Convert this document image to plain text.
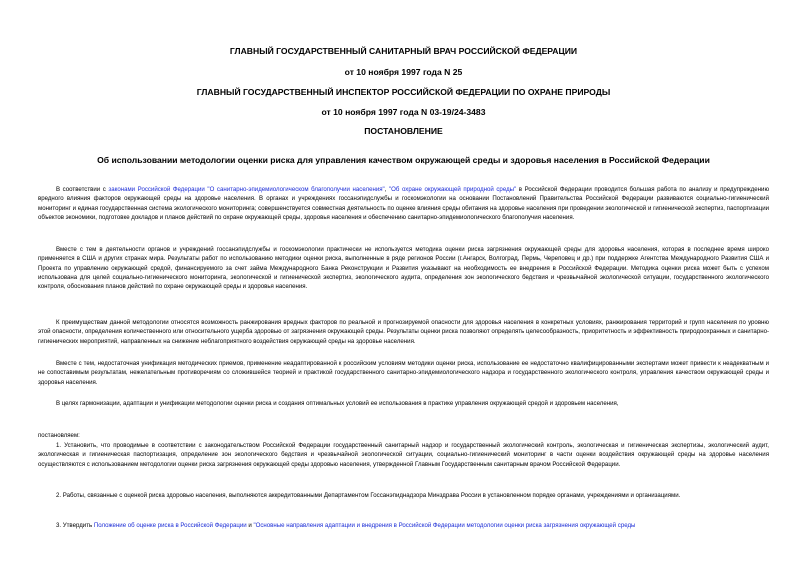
ГЛАВНЫЙ ГОСУДАРСТВЕННЫЙ САНИТАРНЫЙ ВРАЧ РОССИЙСКОЙ ФЕДЕРАЦИИ
от 10 ноября 1997 года N 25
ГЛАВНЫЙ ГОСУДАРСТВЕННЫЙ ИНСПЕКТОР РОССИЙСКОЙ ФЕДЕРАЦИИ ПО ОХРАНЕ ПРИРОДЫ
от 10 ноября 1997 года N 03-19/24-3483
ПОСТАНОВЛЕНИЕ
Об использовании методологии оценки риска для управления качеством окружающей среды и здоровья населения в Российской Федерации
В соответствии с законами Российской Федерации "О санитарно-эпидемиологическом благополучии населения", "Об охране окружающей природной среды" в Российской Федерации проводится большая работа по анализу и предупреждению вредного влияния факторов окружающей среды на здоровье населения. В органах и учреждениях госсанэпидслужбы и госкомэкологии на основании Постановлений Правительства Российской Федерации развиваются социально-гигиенический мониторинг и единая государственная система экологического мониторинга; совершенствуется совместная деятельность по оценке влияния среды обитания на здоровье населения при проведении экологической и гигиенической экспертиз, паспортизации объектов экономики, подготовке докладов и планов действий по охране окружающей среды, здоровья населения и обеспечению санитарно-эпидемиологического благополучия населения.
Вместе с тем в деятельности органов и учреждений госсанэпидслужбы и госкомэкологии практически не используется методика оценки риска загрязнения окружающей среды для здоровья населения, которая в последнее время широко применяется в США и других странах мира. Результаты работ по использованию методики оценки риска, выполненные в ряде регионов России (г.Ангарск, Волгоград, Пермь, Череповец и др.) при поддержке Агентства Международного Развития США и Проекта по управлению окружающей средой, финансируемого за счет займа Международного Банка Реконструкции и Развития указывают на необходимость ее внедрения в Российской Федерации. Методика оценки риска может быть с успехом использована для целей социально-гигиенического мониторинга, экологической и гигиенической экспертиз, экологического аудита, определения зон экологического бедствия и чрезвычайной экологической ситуации, государственного экологического контроля, обоснования планов действий по охране окружающей среды и здоровья населения.
К преимуществам данной методологии относятся возможность ранжирования вредных факторов по реальной и прогнозируемой опасности для здоровья населения в конкретных условиях, ранжирования территорий и групп населения по уровню этой опасности, определения количественного или относительного ущерба здоровью от загрязнения окружающей среды. Результаты оценки риска позволяют определять целесообразность, приоритетность и эффективность природоохранных и санитарно-гигиенических мероприятий, направленных на снижение неблагоприятного воздействия окружающей среды на здоровье населения.
Вместе с тем, недостаточная унификация методических приемов, применение неадаптированной к российским условиям методики оценки риска, использование ее недостаточно квалифицированными экспертами может привести к неадекватным и не сопоставимым результатам, нежелательным противоречиям со сложившейся теорией и практикой государственного санитарно-эпидемиологического надзора и государственного экологического контроля, управления качеством окружающей среды и здоровья населения.
В целях гармонизации, адаптации и унификации методологии оценки риска и создания оптимальных условий ее использования в практике управления окружающей средой и здоровьем населения,
постановляем:
1. Установить, что проводимые в соответствии с законодательством Российской Федерации государственный санитарный надзор и государственный экологический контроль, экологическая и гигиеническая экспертизы, экологический аудит, экологическая и гигиеническая паспортизация, определение зон экологического бедствия и чрезвычайной экологической ситуации, социально-гигиенический мониторинг в части оценки воздействия окружающей среды на здоровье населения осуществляются с использованием методологии оценки риска загрязнения окружающей среды здоровью населения, утвержденной Главным Государственным санитарным врачом Российской Федерации.
2. Работы, связанные с оценкой риска здоровью населения, выполняются аккредитованными Департаментом Госсанэпиднадзора Минздрава России в установленном порядке органами, учреждениями и организациями.
3. Утвердить Положение об оценке риска в Российской Федерации и "Основные направления адаптации и внедрения в Российской Федерации методологии оценки риска загрязнения окружающей среды
